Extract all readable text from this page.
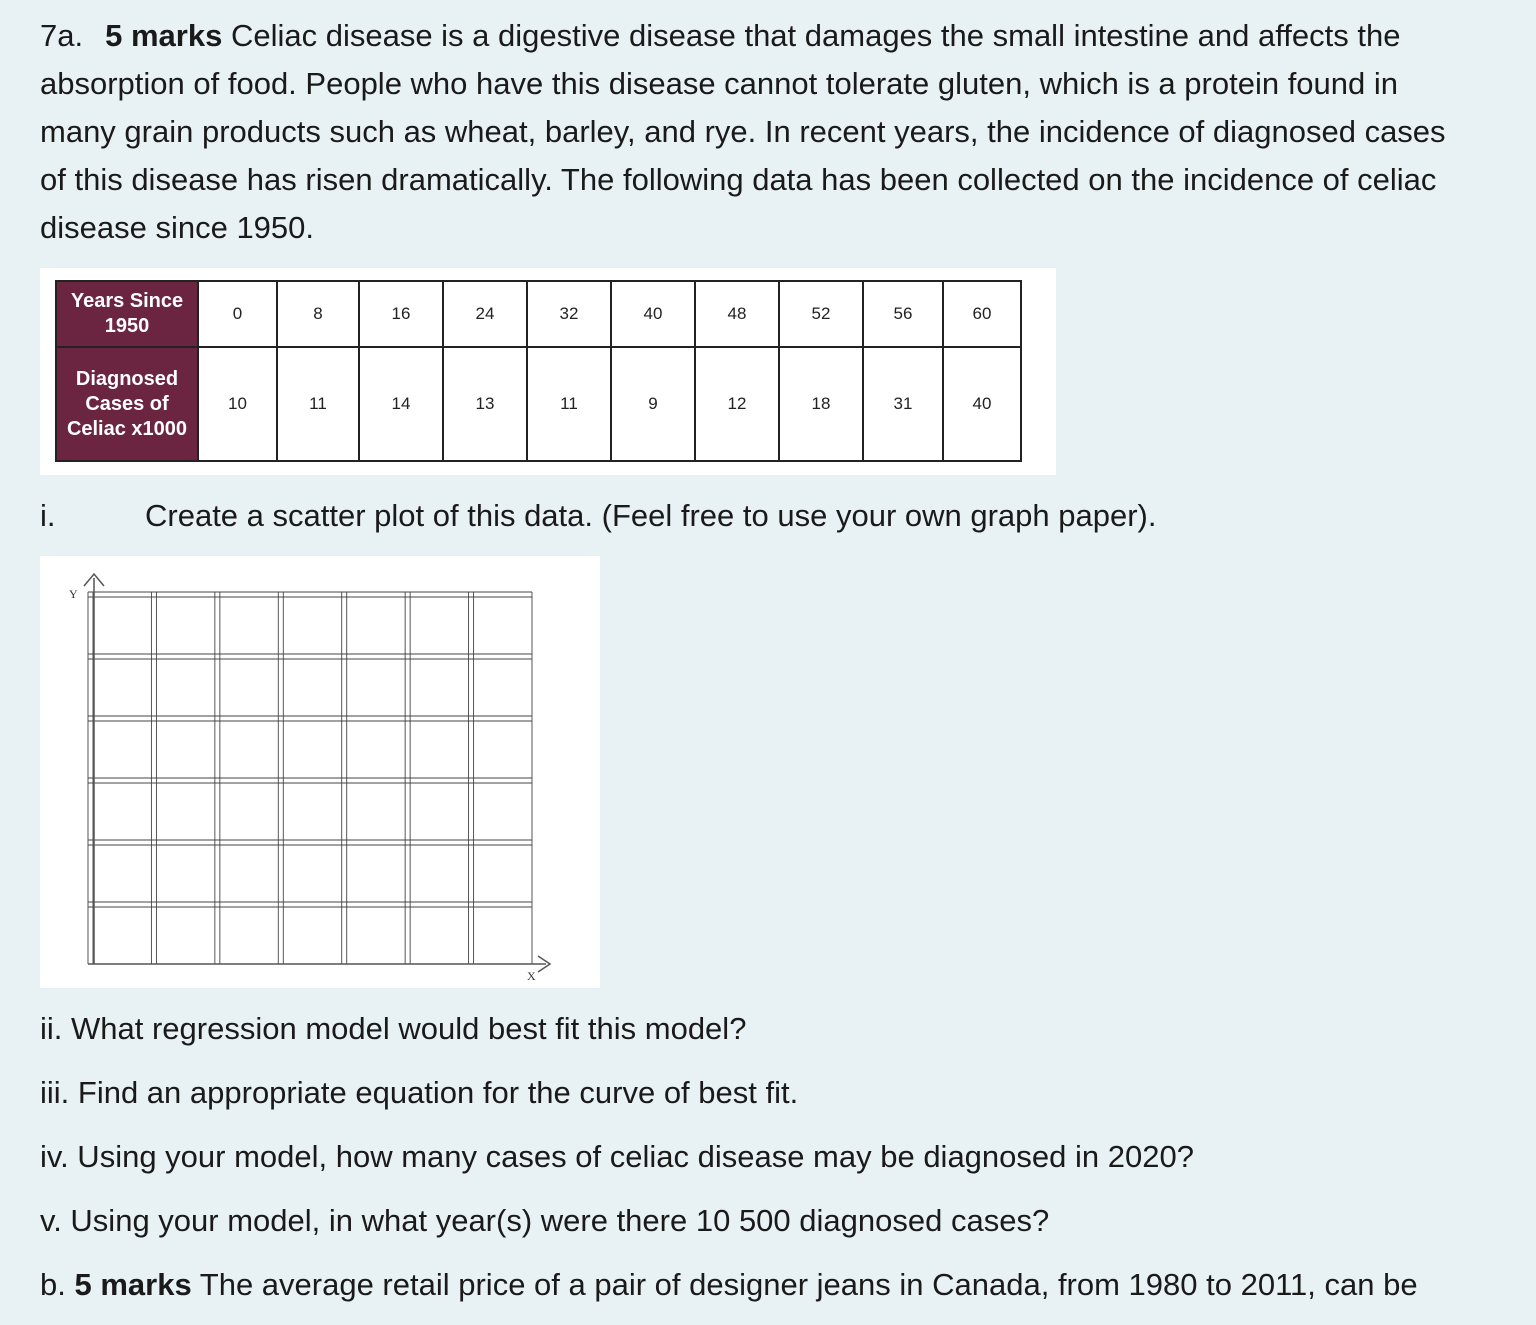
7a. 5 marks Celiac disease is a digestive disease that damages the small intestine and affects the absorption of food. People who have this disease cannot tolerate gluten, which is a protein found in many grain products such as wheat, barley, and rye. In recent years, the incidence of diagnosed cases of this disease has risen dramatically. The following data has been collected on the incidence of celiac disease since 1950.

Years Since 1950	0	8	16	24	32	40	48	52	56	60
Diagnosed Cases of Celiac x1000	10	11	14	13	11	9	12	18	31	40
i.	Create a scatter plot of this data. (Feel free to use your own graph paper).
Y
X
ii. What regression model would best fit this model?
iii. Find an appropriate equation for the curve of best fit.
iv. Using your model, how many cases of celiac disease may be diagnosed in 2020?
v. Using your model, in what year(s) were there 10 500 diagnosed cases?
b. 5 marks The average retail price of a pair of designer jeans in Canada, from 1980 to 2011, can be
